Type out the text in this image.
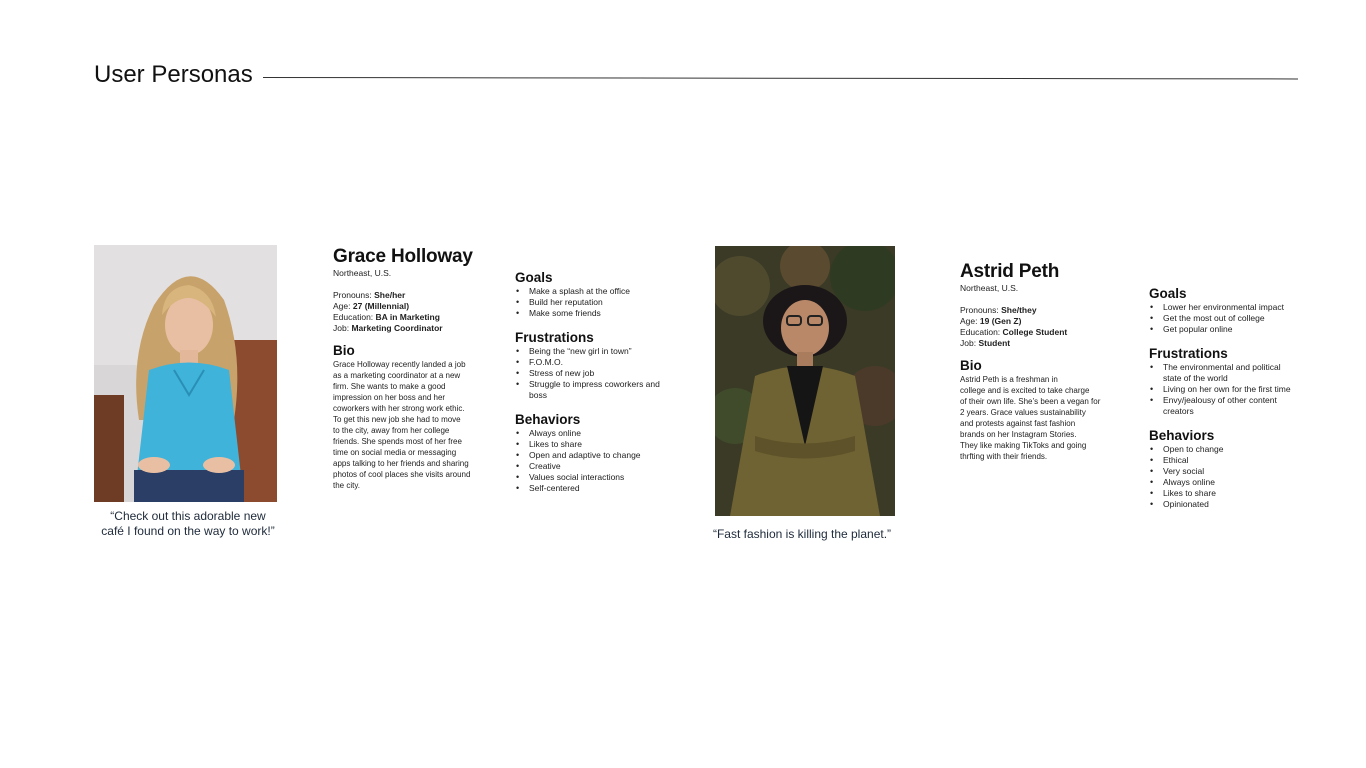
User Personas
“Check out this adorable new
café I found on the way to work!”
Grace Holloway
Northeast, U.S.
Pronouns: She/her
Age: 27 (Millennial)
Education: BA in Marketing
Job: Marketing Coordinator
Bio
Grace Holloway recently landed a job
as a marketing coordinator at a new
firm. She wants to make a good
impression on her boss and her
coworkers with her strong work ethic.
To get this new job she had to move
to the city, away from her college
friends. She spends most of her free
time on social media or messaging
apps talking to her friends and sharing
photos of cool places she visits around
the city.
Goals
• Make a splash at the office
• Build her reputation
• Make some friends
Frustrations
• Being the “new girl in town”
• F.O.M.O.
• Stress of new job
• Struggle to impress coworkers and boss
Behaviors
• Always online
• Likes to share
• Open and adaptive to change
• Creative
• Values social interactions
• Self-centered
“Fast fashion is killing the planet.”
Astrid Peth
Northeast, U.S.
Pronouns: She/they
Age: 19 (Gen Z)
Education: College Student
Job: Student
Bio
Astrid Peth is a freshman in
college and is excited to take charge
of their own life. She’s been a vegan for
2 years. Grace values sustainability
and protests against fast fashion
brands on her Instagram Stories.
They like making TikToks and going
thrfting with their friends.
Goals
• Lower her environmental impact
• Get the most out of college
• Get popular online
Frustrations
• The environmental and political state of the world
• Living on her own for the first time
• Envy/jealousy of other content creators
Behaviors
• Open to change
• Ethical
• Very social
• Always online
• Likes to share
• Opinionated
